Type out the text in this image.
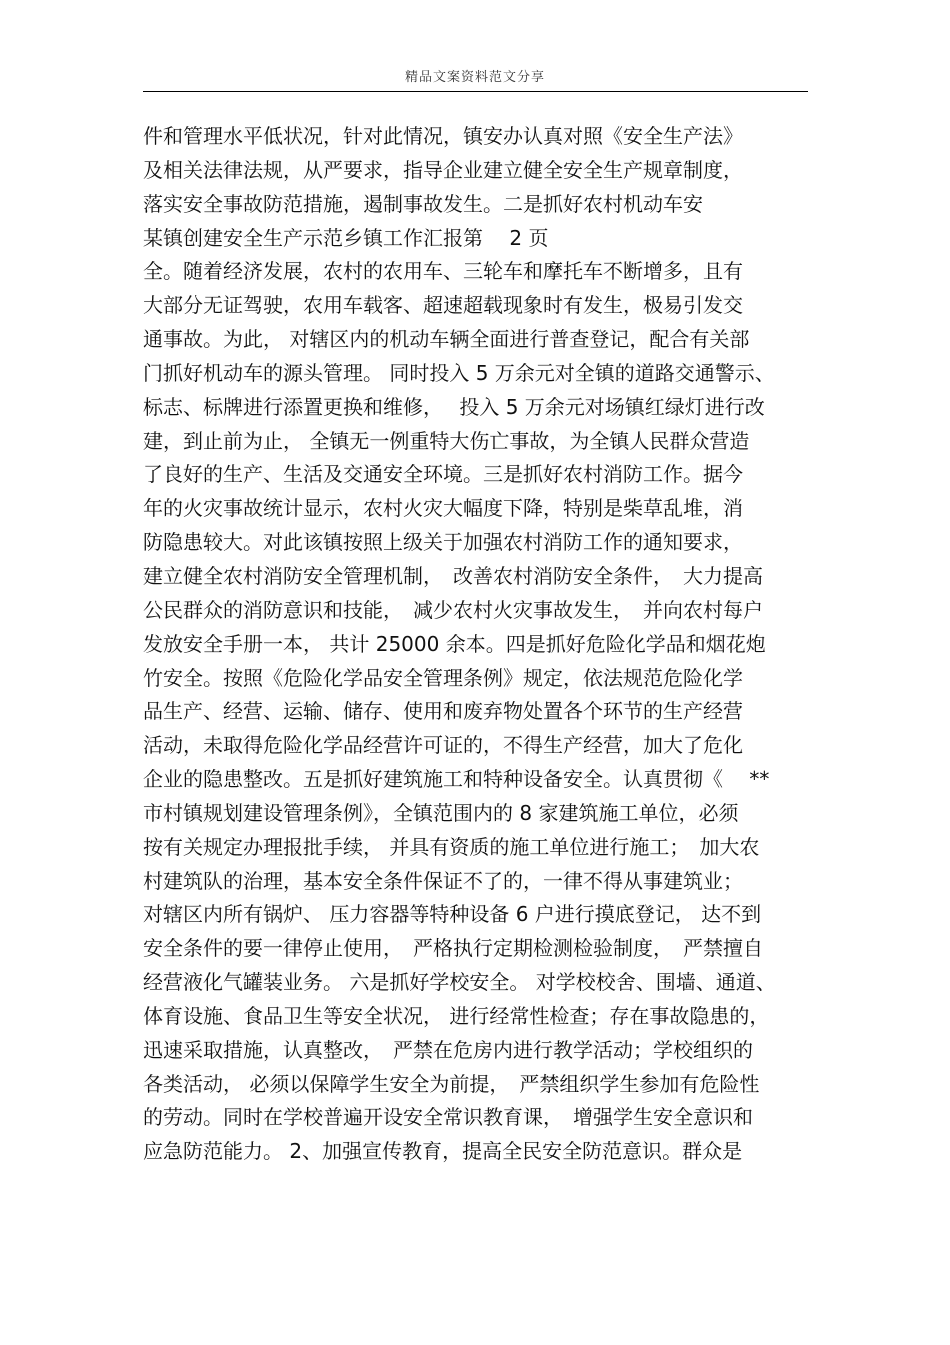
精品文案资料范文分享
件和管理水平低状况，针对此情况，镇安办认真对照《安全生产法》
及相关法律法规，从严要求，指导企业建立健全安全生产规章制度，
落实安全事故防范措施，遏制事故发生。二是抓好农村机动车安
某镇创建安全生产示范乡镇工作汇报第　 2 页
全。随着经济发展，农村的农用车、三轮车和摩托车不断增多，且有
大部分无证驾驶，农用车载客、超速超载现象时有发生，极易引发交
通事故。为此， 对辖区内的机动车辆全面进行普查登记，配合有关部
门抓好机动车的源头管理。 同时投入 5 万余元对全镇的道路交通警示、
标志、标牌进行添置更换和维修，　 投入 5 万余元对场镇红绿灯进行改
建，到止前为止， 全镇无一例重特大伤亡事故，为全镇人民群众营造
了良好的生产、生活及交通安全环境。三是抓好农村消防工作。据今
年的火灾事故统计显示，农村火灾大幅度下降，特别是柴草乱堆，消
防隐患较大。对此该镇按照上级关于加强农村消防工作的通知要求，
建立健全农村消防安全管理机制，　改善农村消防安全条件，　大力提高
公民群众的消防意识和技能，　减少农村火灾事故发生，　并向农村每户
发放安全手册一本， 共计 25000 余本。四是抓好危险化学品和烟花炮
竹安全。按照《危险化学品安全管理条例》规定，依法规范危险化学
品生产、经营、运输、储存、使用和废弃物处置各个环节的生产经营
活动，未取得危险化学品经营许可证的，不得生产经营，加大了危化
企业的隐患整改。五是抓好建筑施工和特种设备安全。认真贯彻《　 **
市村镇规划建设管理条例》，全镇范围内的 8 家建筑施工单位，必须
按有关规定办理报批手续， 并具有资质的施工单位进行施工；　加大农
村建筑队的治理，基本安全条件保证不了的，一律不得从事建筑业；
对辖区内所有锅炉、 压力容器等特种设备 6 户进行摸底登记， 达不到
安全条件的要一律停止使用，　严格执行定期检测检验制度，　严禁擅自
经营液化气罐装业务。 六是抓好学校安全。 对学校校舍、围墙、通道、
体育设施、食品卫生等安全状况， 进行经常性检查；存在事故隐患的，
迅速采取措施，认真整改，　严禁在危房内进行教学活动；学校组织的
各类活动， 必须以保障学生安全为前提，　严禁组织学生参加有危险性
的劳动。同时在学校普遍开设安全常识教育课，　增强学生安全意识和
应急防范能力。 2、加强宣传教育，提高全民安全防范意识。群众是
